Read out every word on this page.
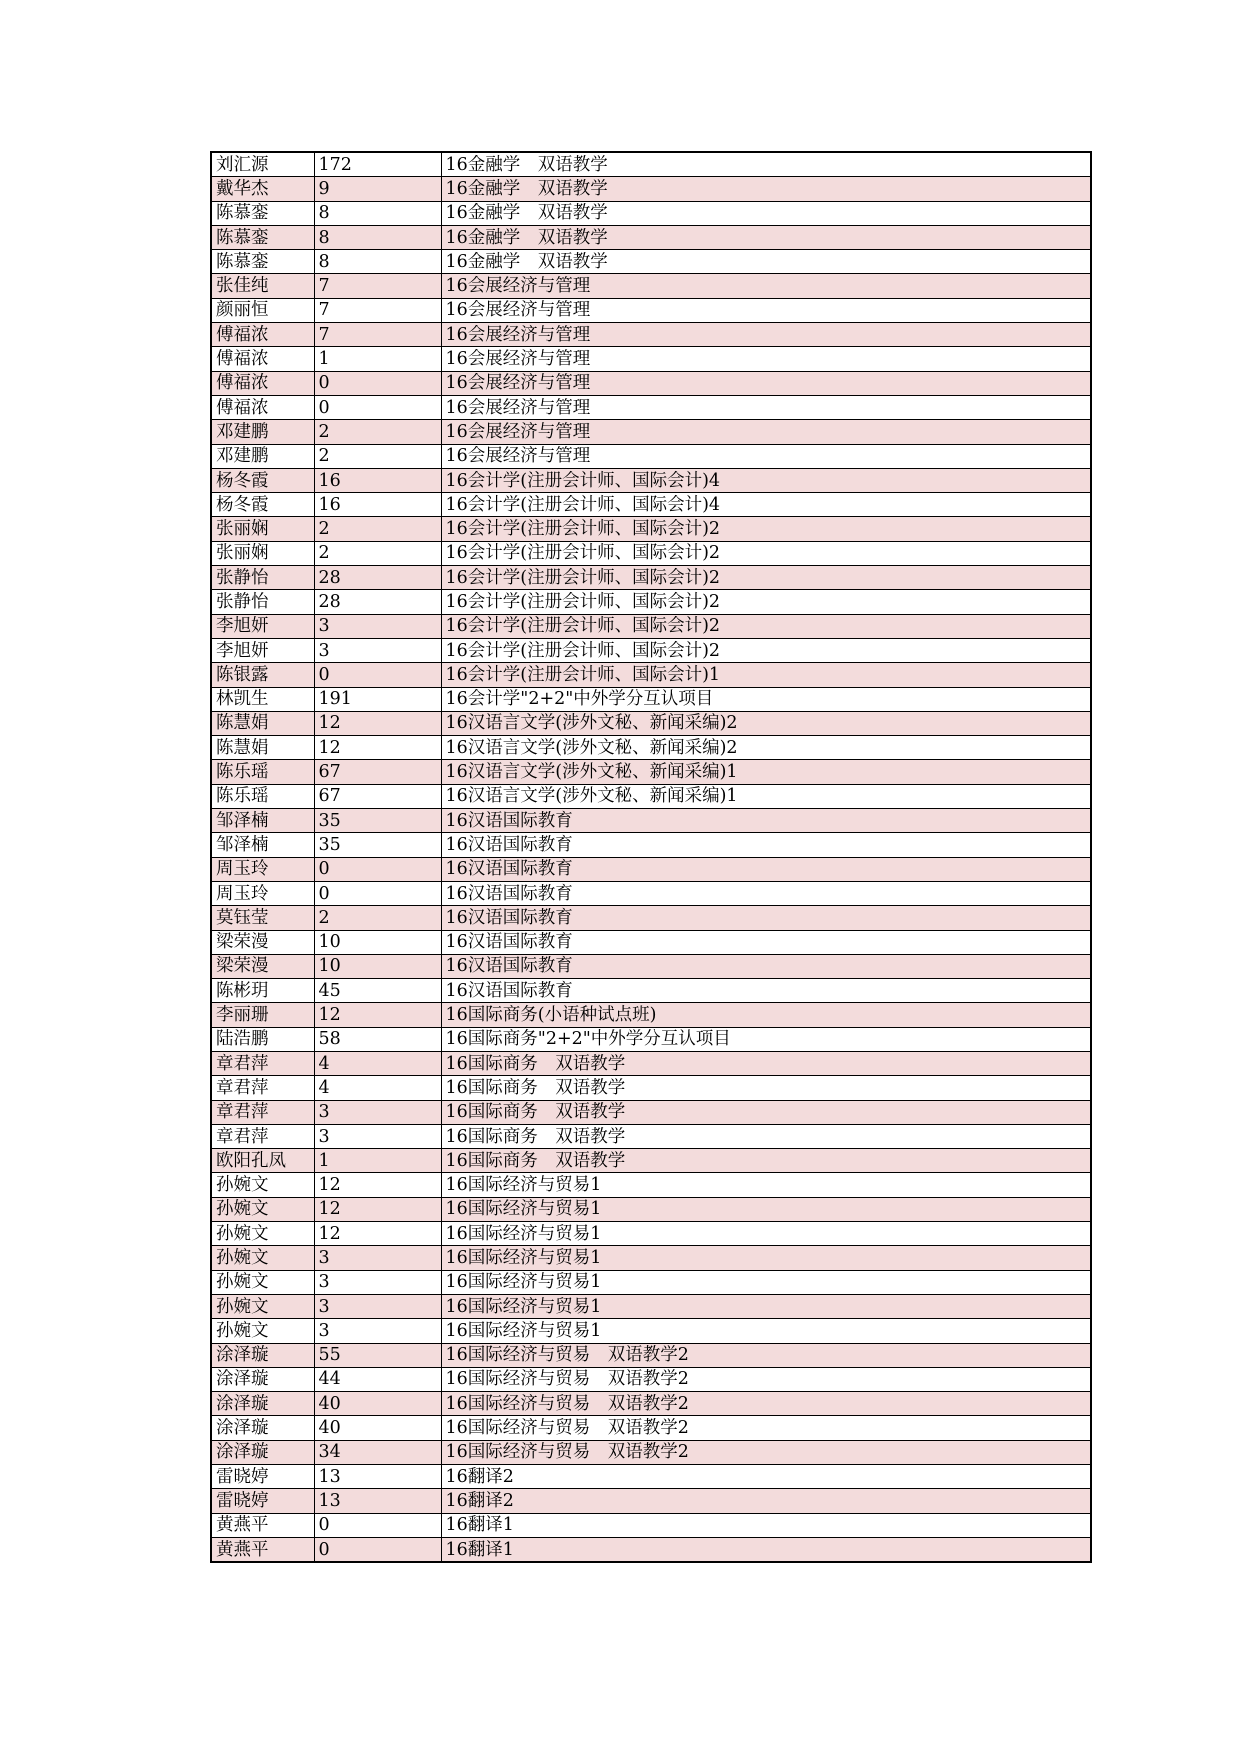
刘汇源	172	16金融学　双语教学
戴华杰	9	16金融学　双语教学
陈慕銮	8	16金融学　双语教学
陈慕銮	8	16金融学　双语教学
陈慕銮	8	16金融学　双语教学
张佳纯	7	16会展经济与管理
颜丽恒	7	16会展经济与管理
傅福浓	7	16会展经济与管理
傅福浓	1	16会展经济与管理
傅福浓	0	16会展经济与管理
傅福浓	0	16会展经济与管理
邓建鹏	2	16会展经济与管理
邓建鹏	2	16会展经济与管理
杨冬霞	16	16会计学(注册会计师、国际会计)4
杨冬霞	16	16会计学(注册会计师、国际会计)4
张丽娴	2	16会计学(注册会计师、国际会计)2
张丽娴	2	16会计学(注册会计师、国际会计)2
张静怡	28	16会计学(注册会计师、国际会计)2
张静怡	28	16会计学(注册会计师、国际会计)2
李旭妍	3	16会计学(注册会计师、国际会计)2
李旭妍	3	16会计学(注册会计师、国际会计)2
陈银露	0	16会计学(注册会计师、国际会计)1
林凯生	191	16会计学"2+2"中外学分互认项目
陈慧娟	12	16汉语言文学(涉外文秘、新闻采编)2
陈慧娟	12	16汉语言文学(涉外文秘、新闻采编)2
陈乐瑶	67	16汉语言文学(涉外文秘、新闻采编)1
陈乐瑶	67	16汉语言文学(涉外文秘、新闻采编)1
邹泽楠	35	16汉语国际教育
邹泽楠	35	16汉语国际教育
周玉玲	0	16汉语国际教育
周玉玲	0	16汉语国际教育
莫钰莹	2	16汉语国际教育
梁荣漫	10	16汉语国际教育
梁荣漫	10	16汉语国际教育
陈彬玥	45	16汉语国际教育
李丽珊	12	16国际商务(小语种试点班)
陆浩鹏	58	16国际商务"2+2"中外学分互认项目
章君萍	4	16国际商务　双语教学
章君萍	4	16国际商务　双语教学
章君萍	3	16国际商务　双语教学
章君萍	3	16国际商务　双语教学
欧阳孔凤	1	16国际商务　双语教学
孙婉文	12	16国际经济与贸易1
孙婉文	12	16国际经济与贸易1
孙婉文	12	16国际经济与贸易1
孙婉文	3	16国际经济与贸易1
孙婉文	3	16国际经济与贸易1
孙婉文	3	16国际经济与贸易1
孙婉文	3	16国际经济与贸易1
涂泽璇	55	16国际经济与贸易　双语教学2
涂泽璇	44	16国际经济与贸易　双语教学2
涂泽璇	40	16国际经济与贸易　双语教学2
涂泽璇	40	16国际经济与贸易　双语教学2
涂泽璇	34	16国际经济与贸易　双语教学2
雷晓婷	13	16翻译2
雷晓婷	13	16翻译2
黄燕平	0	16翻译1
黄燕平	0	16翻译1
